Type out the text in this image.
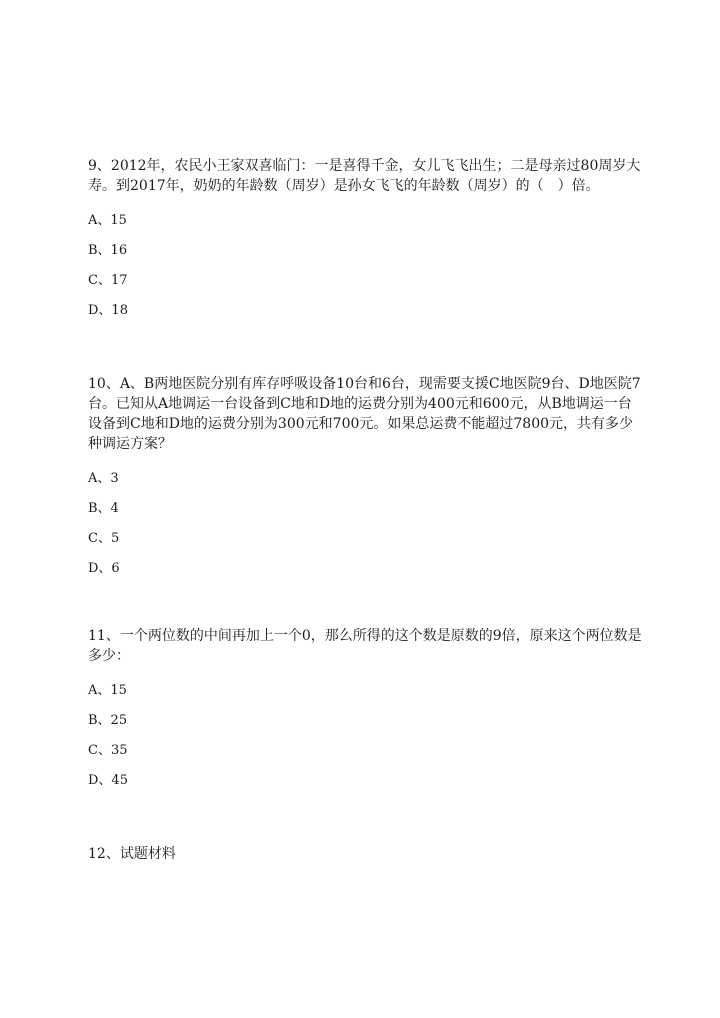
9、2012年，农民小王家双喜临门：一是喜得千金，女儿飞飞出生；二是母亲过80周岁大寿。到2017年，奶奶的年龄数（周岁）是孙女飞飞的年龄数（周岁）的（　）倍。

A、15
B、16
C、17
D、18

10、A、B两地医院分别有库存呼吸设备10台和6台，现需要支援C地医院9台、D地医院7台。已知从A地调运一台设备到C地和D地的运费分别为400元和600元，从B地调运一台设备到C地和D地的运费分别为300元和700元。如果总运费不能超过7800元，共有多少种调运方案？

A、3
B、4
C、5
D、6

11、一个两位数的中间再加上一个0，那么所得的这个数是原数的9倍，原来这个两位数是多少：

A、15
B、25
C、35
D、45

12、试题材料
